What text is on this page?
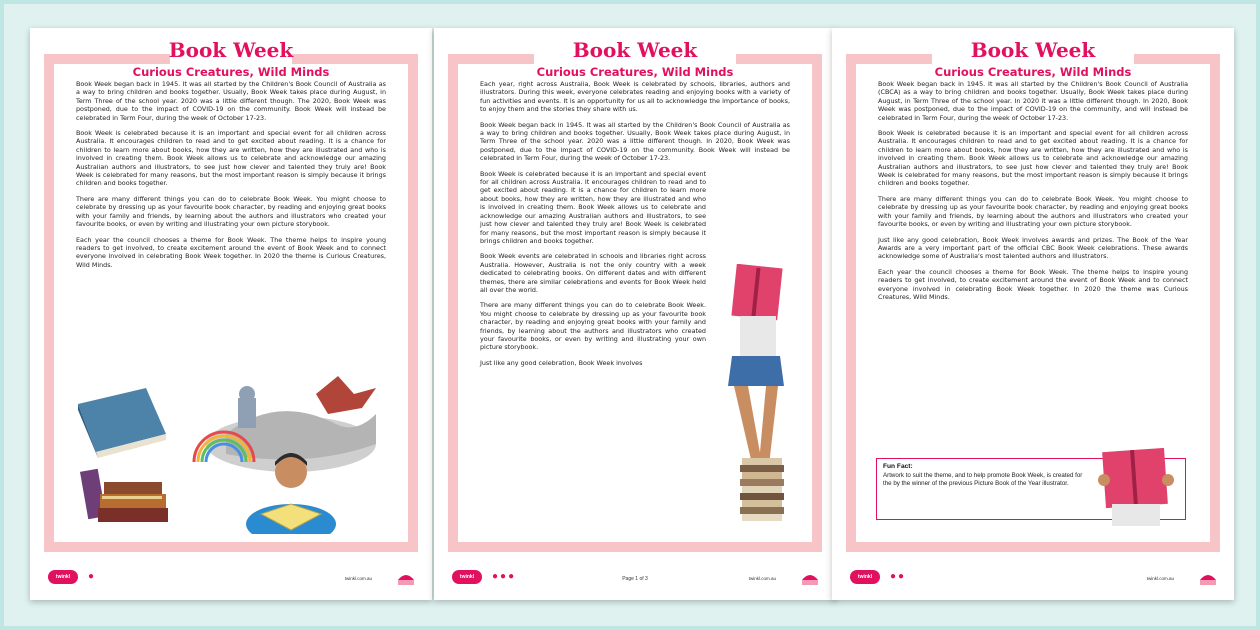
Book Week
Curious Creatures, Wild Minds

Book Week began back in 1945. It was all started by the Children's Book Council of Australia as a way to bring children and books together. Usually, Book Week takes place during August, in Term Three of the school year. 2020 was a little different though. The 2020, Book Week was postponed, due to the impact of COVID-19 on the community. Book Week will instead be celebrated in Term Four, during the week of October 17-23.

Book Week is celebrated because it is an important and special event for all children across Australia. It encourages children to read and to get excited about reading. It is a chance for children to learn more about books, how they are written, how they are illustrated and who is involved in creating them. Book Week allows us to celebrate and acknowledge our amazing Australian authors and illustrators, to see just how clever and talented they truly are! Book Week is celebrated for many reasons, but the most important reason is simply because it brings children and books together.

There are many different things you can do to celebrate Book Week. You might choose to celebrate by dressing up as your favourite book character, by reading and enjoying great books with your family and friends, by learning about the authors and illustrators who created your favourite books, or even by writing and illustrating your own picture storybook.

Each year the council chooses a theme for Book Week. The theme helps to inspire young readers to get involved, to create excitement around the event of Book Week and to connect everyone involved in celebrating Book Week together. In 2020 the theme is Curious Creatures, Wild Minds.

twinkl	●	twinkl.com.au
Book Week
Curious Creatures, Wild Minds

Each year, right across Australia, Book Week is celebrated by schools, libraries, authors and illustrators. During this week, everyone celebrates reading and enjoying books with a variety of fun activities and events. It is an opportunity for us all to acknowledge the importance of books, to enjoy them and the stories they share with us.

Book Week began back in 1945. It was all started by the Children's Book Council of Australia as a way to bring children and books together. Usually, Book Week takes place during August, in Term Three of the school year. 2020 was a little different though. In 2020, Book Week was postponed, due to the impact of COVID-19 on the community. Book Week will instead be celebrated in Term Four, during the week of October 17-23.

Book Week is celebrated because it is an important and special event for all children across Australia. It encourages children to read and to get excited about reading. It is a chance for children to learn more about books, how they are written, how they are illustrated and who is involved in creating them. Book Week allows us to celebrate and acknowledge our amazing Australian authors and illustrators, to see just how clever and talented they truly are! Book Week is celebrated for many reasons, but the most important reason is simply because it brings children and books together.

Book Week events are celebrated in schools and libraries right across Australia. However, Australia is not the only country with a week dedicated to celebrating books. On different dates and with different themes, there are similar celebrations and events for Book Week held all over the world.

There are many different things you can do to celebrate Book Week. You might choose to celebrate by dressing up as your favourite book character, by reading and enjoying great books with your family and friends, by learning about the authors and illustrators who created your favourite books, or even by writing and illustrating your own picture storybook.

Just like any good celebration, Book Week involves

twinkl	●●●	Page 1 of 3	twinkl.com.au
Book Week
Curious Creatures, Wild Minds

Book Week began back in 1945. It was all started by the Children's Book Council of Australia (CBCA) as a way to bring children and books together. Usually, Book Week takes place during August, in Term Three of the school year. In 2020 it was a little different though. In 2020, Book Week was postponed, due to the impact of COVID-19 on the community, and will instead be celebrated in Term Four, during the week of October 17-23.

Book Week is celebrated because it is an important and special event for all children across Australia. It encourages children to read and to get excited about reading. It is a chance for children to learn more about books, how they are written, how they are illustrated and who is involved in creating them. Book Week allows us to celebrate and acknowledge our amazing Australian authors and illustrators, to see just how clever and talented they truly are! Book Week is celebrated for many reasons, but the most important reason is simply because it brings children and books together.

There are many different things you can do to celebrate Book Week. You might choose to celebrate by dressing up as your favourite book character, by reading and enjoying great books with your family and friends, by learning about the authors and illustrators who created your favourite books, or even by writing and illustrating your own picture storybook.

Just like any good celebration, Book Week involves awards and prizes. The Book of the Year Awards are a very important part of the official CBC Book Week celebrations. These awards acknowledge some of Australia's most talented authors and illustrators.

Each year the council chooses a theme for Book Week. The theme helps to inspire young readers to get involved, to create excitement around the event of Book Week and to connect everyone involved in celebrating Book Week together. In 2020 the theme was Curious Creatures, Wild Minds.

Fun Fact:
Artwork to suit the theme, and to help promote Book Week, is created for the by the winner of the previous Picture Book of the Year illustrator.
twinkl	●●	twinkl.com.au
